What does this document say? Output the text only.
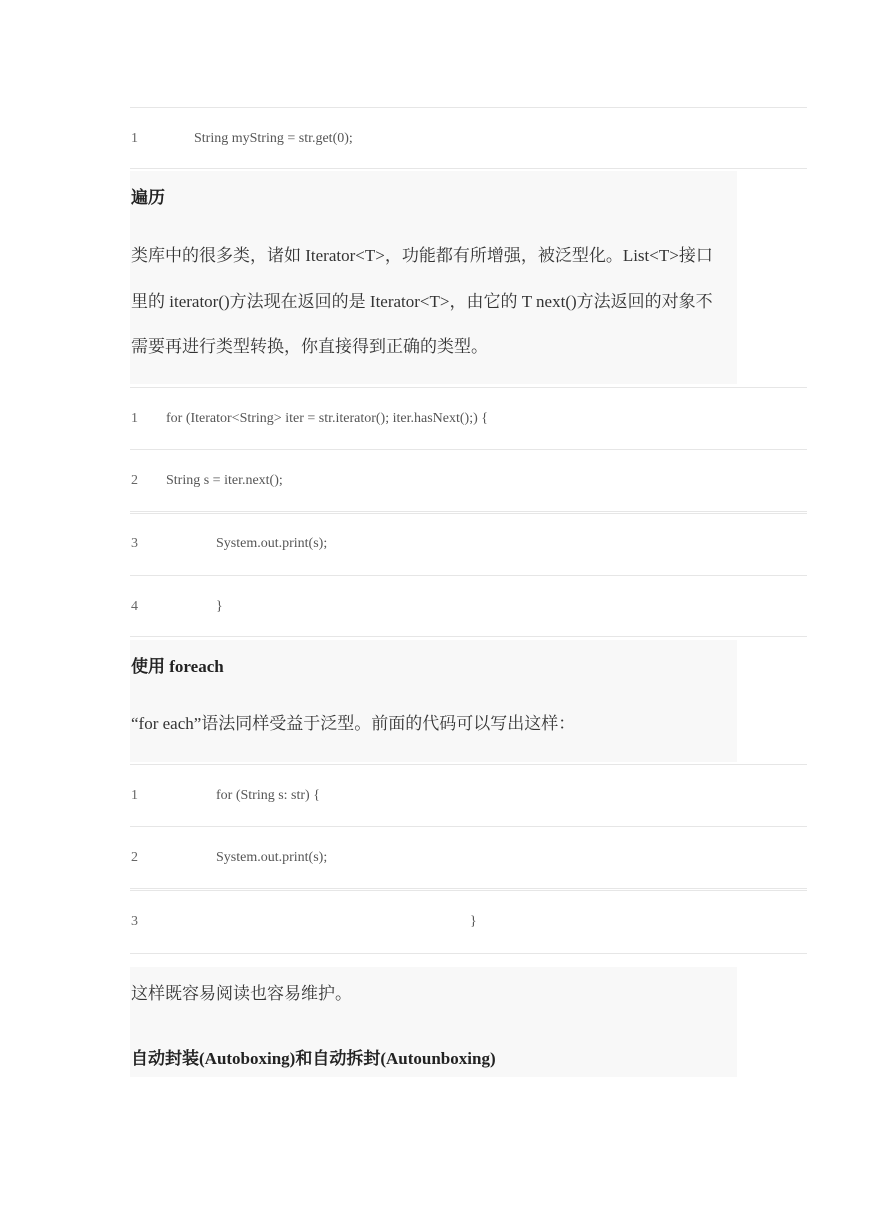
1	String myString = str.get(0);
遍历
类库中的很多类，诸如 Iterator<T>，功能都有所增强，被泛型化。List<T>接口
里的 iterator()方法现在返回的是 Iterator<T>，由它的 T next()方法返回的对象不
需要再进行类型转换，你直接得到正确的类型。
1 for (Iterator<String> iter = str.iterator(); iter.hasNext();) {
2 String s = iter.next();
3	System.out.print(s);
4	}
使用 foreach
“for each”语法同样受益于泛型。前面的代码可以写出这样：
1	for (String s: str) {
2	System.out.print(s);
3	}
这样既容易阅读也容易维护。
自动封装(Autoboxing)和自动拆封(Autounboxing)
